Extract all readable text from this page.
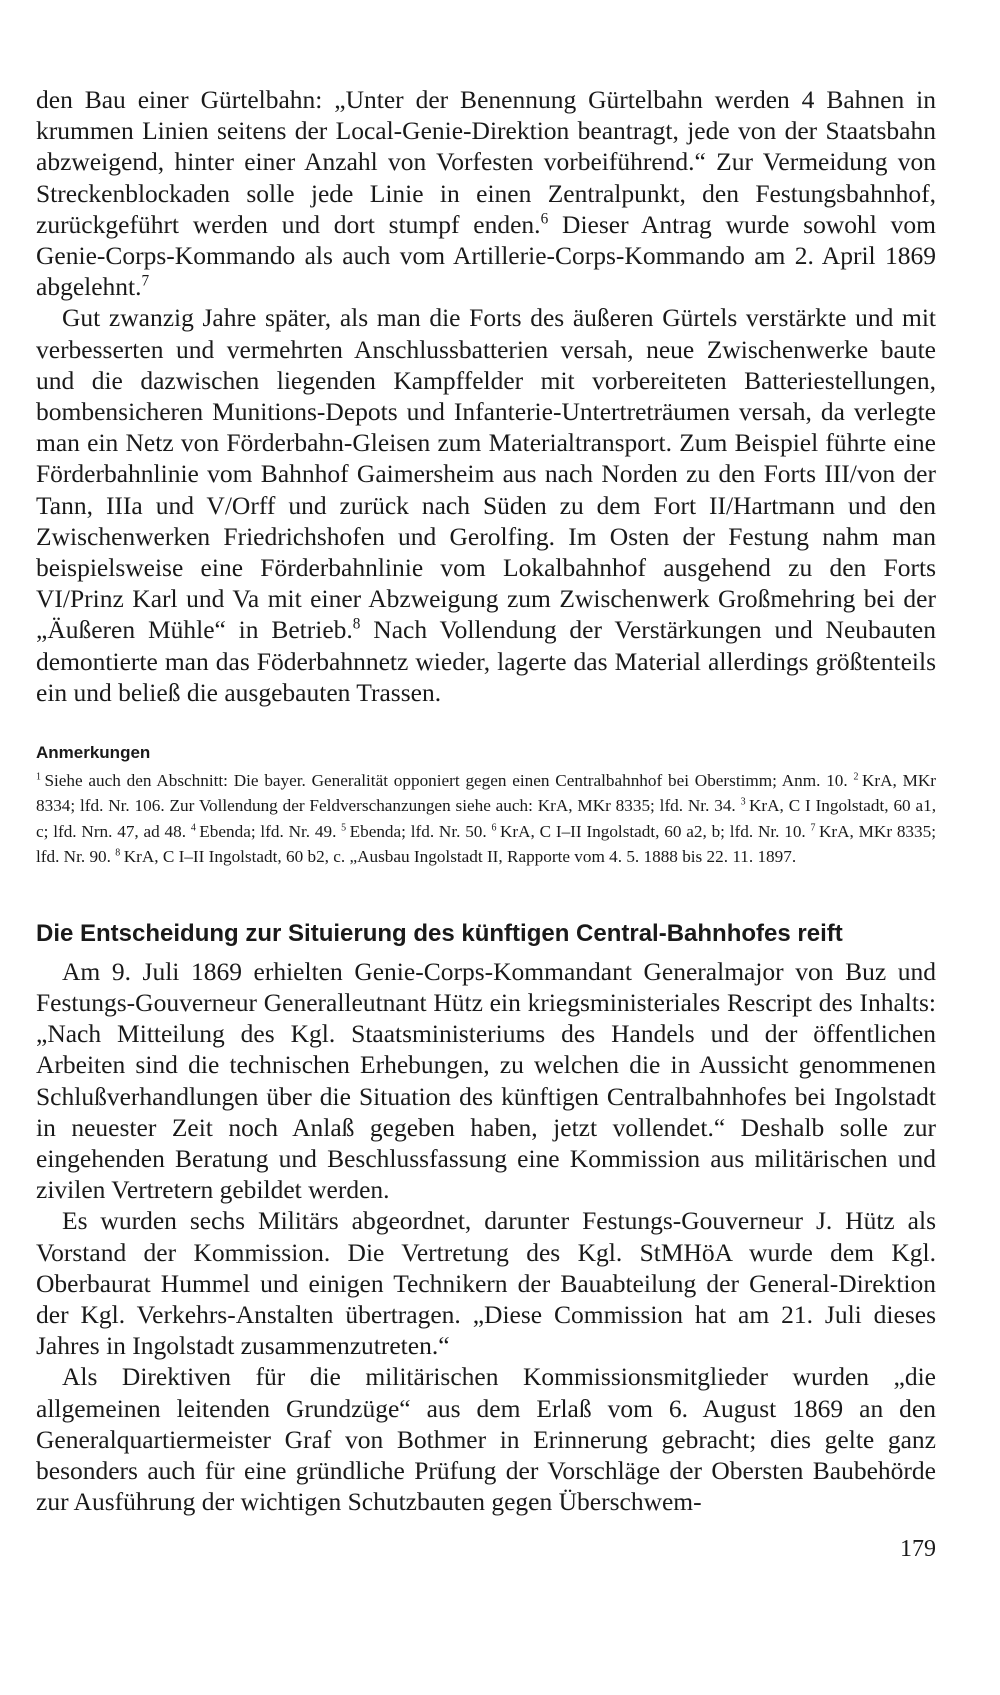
den Bau einer Gürtelbahn: „Unter der Benennung Gürtelbahn werden 4 Bahnen in krummen Linien seitens der Local-Genie-Direktion beantragt, jede von der Staatsbahn abzweigend, hinter einer Anzahl von Vorfesten vorbeiführend.“ Zur Vermeidung von Streckenblockaden solle jede Linie in einen Zentralpunkt, den Festungsbahnhof, zurückgeführt werden und dort stumpf enden.$^6$ Dieser Antrag wurde sowohl vom Genie-Corps-Kommando als auch vom Artillerie-Corps-Kommando am 2. April 1869 abgelehnt.$^7$

Gut zwanzig Jahre später, als man die Forts des äußeren Gürtels verstärkte und mit verbesserten und vermehrten Anschlussbatterien versah, neue Zwischenwerke baute und die dazwischen liegenden Kampffelder mit vorbereiteten Batteriestellungen, bombensicheren Munitions-Depots und Infanterie-Untertreträumen versah, da verlegte man ein Netz von Förderbahn-Gleisen zum Materialtransport. Zum Beispiel führte eine Förderbahnlinie vom Bahnhof Gaimersheim aus nach Norden zu den Forts III/von der Tann, IIIa und V/Orff und zurück nach Süden zu dem Fort II/Hartmann und den Zwischenwerken Friedrichshofen und Gerolfing. Im Osten der Festung nahm man beispielsweise eine Förderbahnlinie vom Lokalbahnhof ausgehend zu den Forts VI/Prinz Karl und Va mit einer Abzweigung zum Zwischenwerk Großmehring bei der „Äußeren Mühle“ in Betrieb.$^8$ Nach Vollendung der Verstärkungen und Neubauten demontierte man das Föderbahnnetz wieder, lagerte das Material allerdings größtenteils ein und beließ die ausgebauten Trassen.

Anmerkungen

$^1$  Siehe auch den Abschnitt: Die bayer. Generalität opponiert gegen einen Centralbahnhof bei Oberstimm; Anm. 10. $^2$  KrA, MKr 8334; lfd. Nr. 106. Zur Vollendung der Feldverschanzungen siehe auch: KrA, MKr 8335; lfd. Nr. 34. $^3$  KrA, C I Ingolstadt, 60 a1, c; lfd. Nrn. 47, ad 48. $^4$  Ebenda; lfd. Nr. 49. $^5$  Ebenda; lfd. Nr. 50. $^6$  KrA, C I–II Ingolstadt, 60 a2, b; lfd. Nr. 10. $^7$  KrA, MKr 8335; lfd. Nr. 90. $^8$  KrA, C I–II Ingolstadt, 60 b2, c. „Ausbau Ingolstadt II, Rapporte vom 4. 5. 1888 bis 22. 11. 1897.

Die Entscheidung zur Situierung des künftigen Central-Bahnhofes reift

Am 9. Juli 1869 erhielten Genie-Corps-Kommandant Generalmajor von Buz und Festungs-Gouverneur Generalleutnant Hütz ein kriegsministeriales Rescript des Inhalts: „Nach Mitteilung des Kgl. Staatsministeriums des Handels und der öffentlichen Arbeiten sind die technischen Erhebungen, zu welchen die in Aussicht genommenen Schlußverhandlungen über die Situation des künftigen Centralbahnhofes bei Ingolstadt in neuester Zeit noch Anlaß gegeben haben, jetzt vollendet.“ Deshalb solle zur eingehenden Beratung und Beschlussfassung eine Kommission aus militärischen und zivilen Vertretern gebildet werden.

Es wurden sechs Militärs abgeordnet, darunter Festungs-Gouverneur J. Hütz als Vorstand der Kommission. Die Vertretung des Kgl. StMHöA wurde dem Kgl. Oberbaurat Hummel und einigen Technikern der Bauabteilung der General-Direktion der Kgl. Verkehrs-Anstalten übertragen. „Diese Commission hat am 21. Juli dieses Jahres in Ingolstadt zusammenzutreten.“

Als Direktiven für die militärischen Kommissionsmitglieder wurden „die allgemeinen leitenden Grundzüge“ aus dem Erlaß vom 6. August 1869 an den Generalquartiermeister Graf von Bothmer in Erinnerung gebracht; dies gelte ganz besonders auch für eine gründliche Prüfung der Vorschläge der Obersten Baubehörde zur Ausführung der wichtigen Schutzbauten gegen Überschwem-

179
